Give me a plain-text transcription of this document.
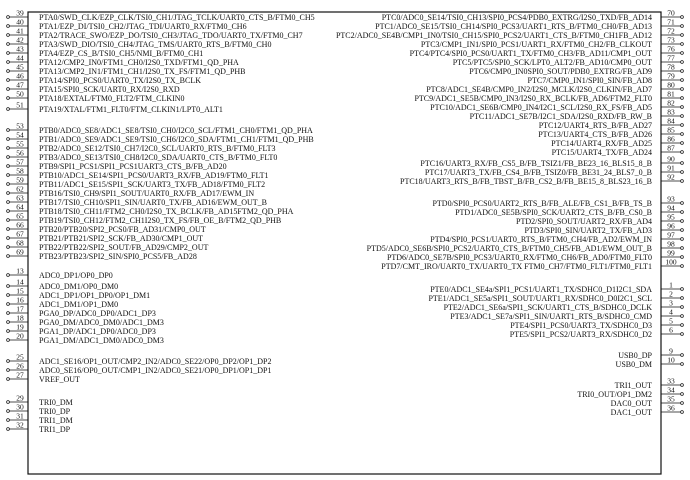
39
PTA0/SWD_CLK/EZP_CLK/TSI0_CH1/JTAG_TCLK/UART0_CTS_B/FTM0_CH5
40
PTA1/EZP_DI/TSI0_CH2/JTAG_TDI/UART0_RX/FTM0_CH6
41
PTA2/TRACE_SWO/EZP_DO/TSI0_CH3/JTAG_TDO/UART0_TX/FTM0_CH7
42
PTA3/SWD_DIO/TSI0_CH4/JTAG_TMS/UART0_RTS_B/FTM0_CH0
43
PTA4/EZP_CS_B/TSI0_CH5/NMI_B/FTM0_CH1
44
PTA12/CMP2_IN0/FTM1_CH0/I2S0_TXD/FTM1_QD_PHA
45
PTA13/CMP2_IN1/FTM1_CH1/I2S0_TX_FS/FTM1_QD_PHB
46
PTA14/SPI0_PCS0/UART0_TX/I2S0_TX_BCLK
47
PTA15/SPI0_SCK/UART0_RX/I2S0_RXD
50
PTA18/EXTAL/FTM0_FLT2/FTM_CLKIN0
51
PTA19/XTAL/FTM1_FLT0/FTM_CLKIN1/LPT0_ALT1
53
PTB0/ADC0_SE8/ADC1_SE8/TSI0_CH0/I2C0_SCL/FTM1_CH0/FTM1_QD_PHA
54
PTB1/ADC0_SE9/ADC1_SE9/TSI0_CH6/I2C0_SDA/FTM1_CH1/FTM1_QD_PHB
55
PTB2/ADC0_SE12/TSI0_CH7/I2C0_SCL/UART0_RTS_B/FTM0_FLT3
56
PTB3/ADC0_SE13/TSI0_CH8/I2C0_SDA/UART0_CTS_B/FTM0_FLT0
57
PTB9/SPI1_PCS1/SPI1_PCS1UART3_CTS_B/FB_AD20
58
PTB10/ADC1_SE14/SPI1_PCS0/UART3_RX/FB_AD19/FTM0_FLT1
59
PTB11/ADC1_SE15/SPI1_SCK/UART3_TX/FB_AD18/FTM0_FLT2
62
PTB16/TSI0_CH9/SPI1_SOUT/UART0_RX/FB_AD17/EWM_IN
63
PTB17/TSI0_CH10/SPI1_SIN/UART0_TX/FB_AD16/EWM_OUT_B
64
PTB18/TSI0_CH11/FTM2_CH0/I2S0_TX_BCLK/FB_AD15FTM2_QD_PHA
65
PTB19/TSI0_CH12/FTM2_CH1I2S0_TX_FS/FB_OE_B/FTM2_QD_PHB
66
PTB20/PTB20/SPI2_PCS0/FB_AD31/CMP0_OUT
67
PTB21/PTB21/SPI2_SCK/FB_AD30/CMP1_OUT
68
PTB22/PTB22/SPI2_SOUT/FB_AD29/CMP2_OUT
69
PTB23/PTB23/SPI2_SIN/SPI0_PCS5/FB_AD28
13
ADC0_DP1/OP0_DP0
14
ADC0_DM1/OP0_DM0
15
ADC1_DP1/OP1_DP0/OP1_DM1
16
ADC1_DM1/OP1_DM0
17
PGA0_DP/ADC0_DP0/ADC1_DP3
18
PGA0_DM/ADC0_DM0/ADC1_DM3
19
PGA1_DP/ADC1_DP0/ADC0_DP3
20
PGA1_DM/ADC1_DM0/ADC0_DM3
25
ADC1_SE16/OP1_OUT/CMP2_IN2/ADC0_SE22/OP0_DP2/OP1_DP2
26
ADC0_SE16/OP0_OUT/CMP1_IN2/ADC0_SE21/OP0_DP1/OP1_DP1
27
VREF_OUT
29
TRI0_DM
30
TRI0_DP
31
TRI1_DM
32
TRI1_DP
70
PTC0/ADC0_SE14/TSI0_CH13/SPI0_PCS4/PDB0_EXTRG/I2S0_TXD/FB_AD14 71
PTC1/ADC0_SE15/TSI0_CH14/SPI0_PCS3/UART1_RTS_B/FTM0_CH0/FB_AD13 72
PTC2/ADC0_SE4B/CMP1_IN0/TSI0_CH15/SPI0_PCS2/UART1_CTS_B/FTM0_CH1FB_AD12 73
PTC3/CMP1_IN1/SPI0_PCS1/UART1_RX/FTM0_CH2/FB_CLKOUT 76
PTC4/PTC4/SPI0_PCS0/UART1_TX/FTM0_CH3/FB_AD11/CMP1_OUT 77
PTC5/PTC5/SPI0_SCK/LPT0_ALT2/FB_AD10/CMP0_OUT 78
PTC6/CMP0_IN0SPI0_SOUT/PDB0_EXTRG/FB_AD9 79
PTC7/CMP0_IN1/SPI0_SIN/FB_AD8 80
PTC8/ADC1_SE4B/CMP0_IN2/I2S0_MCLK/I2S0_CLKIN/FB_AD7 81
PTC9/ADC1_SE5B/CMP0_IN3/I2S0_RX_BCLK/FB_AD6/FTM2_FLT0 82
PTC10/ADC1_SE6B/CMP0_IN4/I2C1_SCL/I2S0_RX_FS/FB_AD5 83
PTC11/ADC1_SE7B/I2C1_SDA/I2S0_RXD/FB_RW_B 84
PTC12/UART4_RTS_B/FB_AD27 85
PTC13/UART4_CTS_B/FB_AD26 86
PTC14/UART4_RX/FB_AD25 87
PTC15/UART4_TX/FB_AD24
90
PTC16/UART3_RX/FB_CS5_B/FB_TSIZ1/FB_BE23_16_BLS15_8_B 91
PTC17/UART3_TX/FB_CS4_B/FB_TSIZ0/FB_BE31_24_BLS7_0_B 92
PTC18/UART3_RTS_B/FB_TBST_B/FB_CS2_B/FB_BE15_8_BLS23_16_B
93
PTD0/SPI0_PCS0/UART2_RTS_B/FB_ALE/FB_CS1_B/FB_TS_B 94
PTD1/ADC0_SE5B/SPI0_SCK/UART2_CTS_B/FB_CS0_B 95
PTD2/SPI0_SOUT/UART2_RX/FB_AD4 96
PTD3/SPI0_SIN/UART2_TX/FB_AD3 97
PTD4/SPI0_PCS1/UART0_RTS_B/FTM0_CH4/FB_AD2/EWM_IN 98
PTD5/ADC0_SE6B/SPI0_PCS2/UART0_CTS_B/FTM0_CH5/FB_AD1/EWM_OUT_B 99
PTD6/ADC0_SE7B/SPI0_PCS3/UART0_RX/FTM0_CH6/FB_AD0/FTM0_FLT0 100
PTD7/CMT_IRO/UART0_TX/UART0_TX FTM0_CH7/FTM0_FLT1/FTM0_FLT1
1
PTE0/ADC1_SE4a/SPI1_PCS1/UART1_TX/SDHC0_D1I2C1_SDA 2
PTE1/ADC1_SE5a/SPI1_SOUT/UART1_RX/SDHC0_D0I2C1_SCL 3
PTE2/ADC1_SE6a/SPI1_SCK/UART1_CTS_B/SDHC0_DCLK 4
PTE3/ADC1_SE7a/SPI1_SIN/UART1_RTS_B/SDHC0_CMD 5
PTE4/SPI1_PCS0/UART3_TX/SDHC0_D3 6
PTE5/SPI1_PCS2/UART3_RX/SDHC0_D2
9
USB0_DP 10
USB0_DM
33
TRI1_OUT 34
TRI0_OUT/OP1_DM2 35
DAC0_OUT 36
DAC1_OUT
